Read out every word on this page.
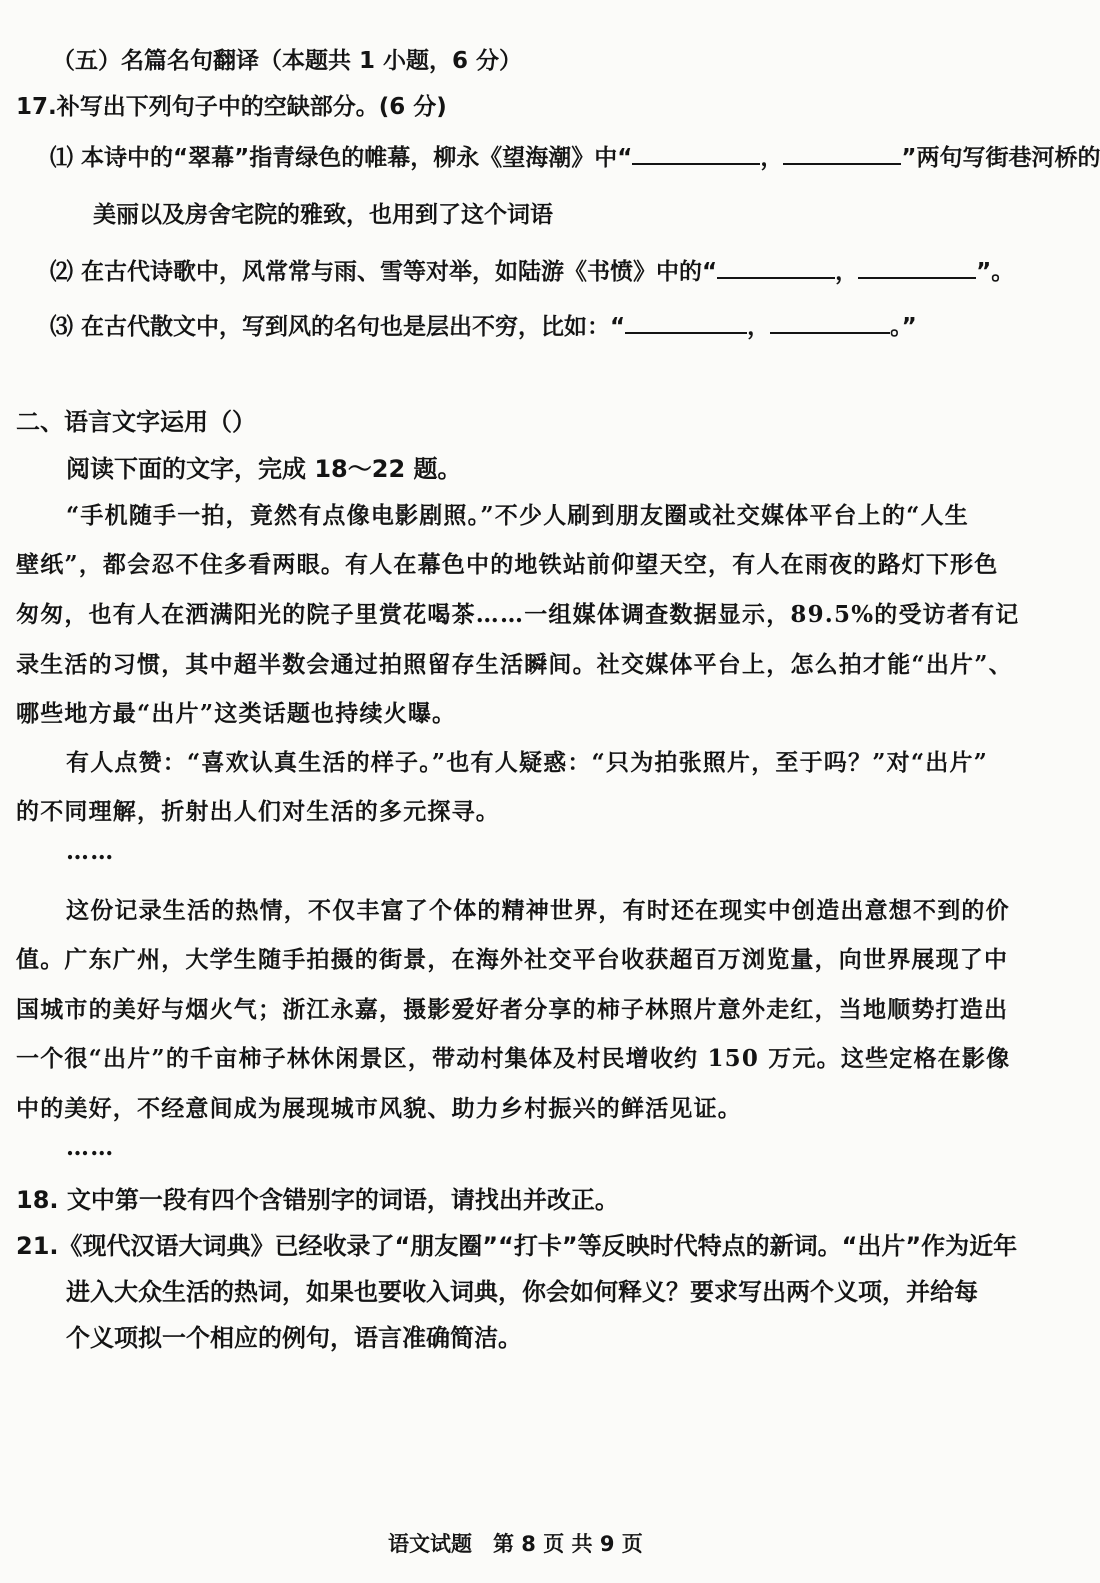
（五）名篇名句翻译（本题共 1 小题，6 分）
17.补写出下列句子中的空缺部分。(6 分)
⑴ 本诗中的“翠幕”指青绿色的帷幕，柳永《望海潮》中“	，	”两句写街巷河桥的
美丽以及房舍宅院的雅致，也用到了这个词语
⑵ 在古代诗歌中，风常常与雨、雪等对举，如陆游《书愤》中的“	，	”。
⑶ 在古代散文中，写到风的名句也是层出不穷，比如：“	，	。”
二、语言文字运用（）
阅读下面的文字，完成 18～22 题。
“手机随手一拍，竟然有点像电影剧照。”不少人刷到朋友圈或社交媒体平台上的“人生
壁纸”，都会忍不住多看两眼。有人在幕色中的地铁站前仰望天空，有人在雨夜的路灯下形色
匆匆，也有人在洒满阳光的院子里赏花喝茶……一组媒体调查数据显示，89.5%的受访者有记
录生活的习惯，其中超半数会通过拍照留存生活瞬间。社交媒体平台上，怎么拍才能“出片”、
哪些地方最“出片”这类话题也持续火曝。
有人点赞：“喜欢认真生活的样子。”也有人疑惑：“只为拍张照片，至于吗？”对“出片”
的不同理解，折射出人们对生活的多元探寻。
……
这份记录生活的热情，不仅丰富了个体的精神世界，有时还在现实中创造出意想不到的价
值。广东广州，大学生随手拍摄的街景，在海外社交平台收获超百万浏览量，向世界展现了中
国城市的美好与烟火气；浙江永嘉，摄影爱好者分享的柿子林照片意外走红，当地顺势打造出
一个很“出片”的千亩柿子林休闲景区，带动村集体及村民增收约 150 万元。这些定格在影像
中的美好，不经意间成为展现城市风貌、助力乡村振兴的鲜活见证。
……
18. 文中第一段有四个含错别字的词语，请找出并改正。
21.《现代汉语大词典》已经收录了“朋友圈”“打卡”等反映时代特点的新词。“出片”作为近年
进入大众生活的热词，如果也要收入词典，你会如何释义？要求写出两个义项，并给每
个义项拟一个相应的例句，语言准确简洁。
语文试题　第 8 页 共 9 页
